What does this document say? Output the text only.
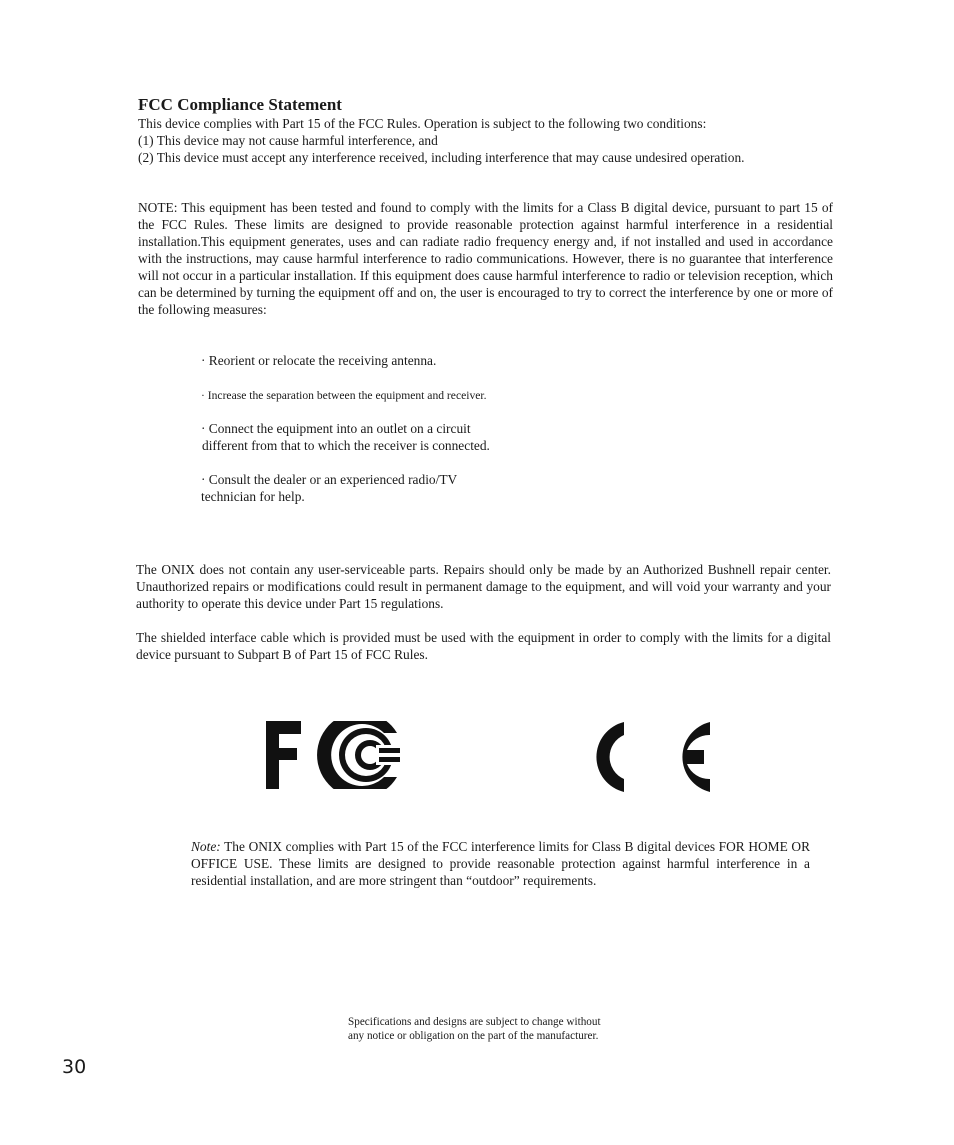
FCC Compliance Statement

This device complies with Part 15 of the FCC Rules. Operation is subject to the following two conditions:

(1) This device may not cause harmful interference, and

(2) This device must accept any interference received, including interference that may cause undesired operation.

NOTE: This equipment has been tested and found to comply with the limits for a Class B digital device, pursuant to part 15 of the FCC Rules. These limits are designed to provide reasonable protection against harmful interference in a residential installation.This equipment generates, uses and can radiate radio frequency energy and, if not installed and used in accordance with the instructions, may cause harmful interference to radio communications. However, there is no guarantee that interference will not occur in a particular installation. If this equipment does cause harmful interference to radio or television reception, which can be determined by turning the equipment off and on, the user is encouraged to try to correct the interference by one or more of the following measures:

· Reorient or relocate the receiving antenna.
· Increase the separation between the equipment and receiver.
· Connect the equipment into an outlet on a circuit
different from that to which the receiver is connected.
· Consult the dealer or an experienced radio/TV
technician for help.

The ONIX does not contain any user-serviceable parts. Repairs should only be made by an Authorized Bushnell repair center. Unauthorized repairs or modifications could result in permanent damage to the equipment, and will void your warranty and your authority to operate this device under Part 15 regulations.

The shielded interface cable which is provided must be used with the equipment in order to comply with the limits for a digital device pursuant to Subpart B of Part 15 of FCC Rules.

Note: The ONIX complies with Part 15 of the FCC interference limits for Class B digital devices FOR HOME OR OFFICE USE. These limits are designed to provide reasonable protection against harmful interference in a residential installation, and are more stringent than “outdoor” requirements.

Specifications and designs are subject to change without
any notice or obligation on the part of the manufacturer.
30
